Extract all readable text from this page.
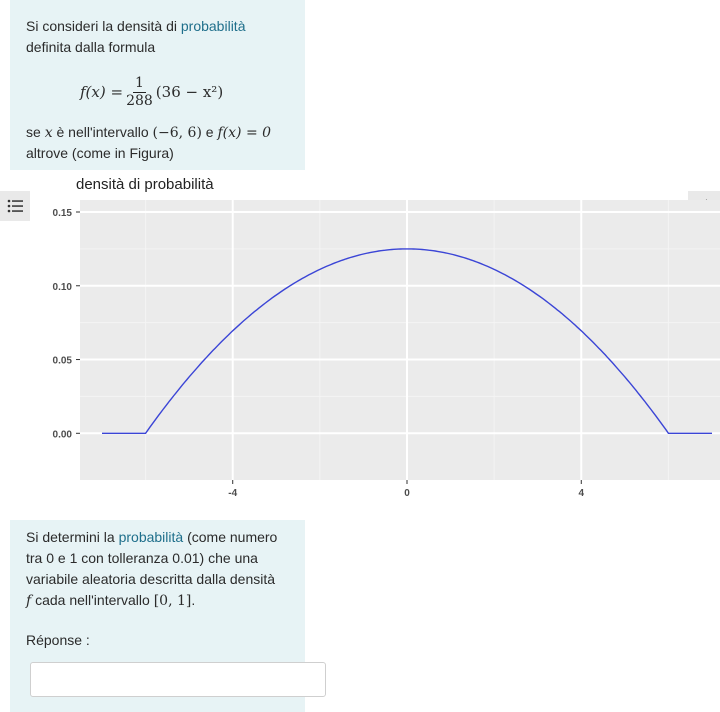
Si consideri la densità di probabilità
definita dalla formula
$f(x) = \frac{1}{288} (36 - x^2)$
se x è nell'intervallo (−6, 6) e f(x) = 0
altrove (come in Figura)
densità di probabilità
0.00
0.05
0.10
0.15
-4	0	4
Si determini la probabilità (come numero
tra 0 e 1 con tolleranza 0.01) che una
variabile aleatoria descritta dalla densità
f cada nell'intervallo [0, 1].
Réponse :
